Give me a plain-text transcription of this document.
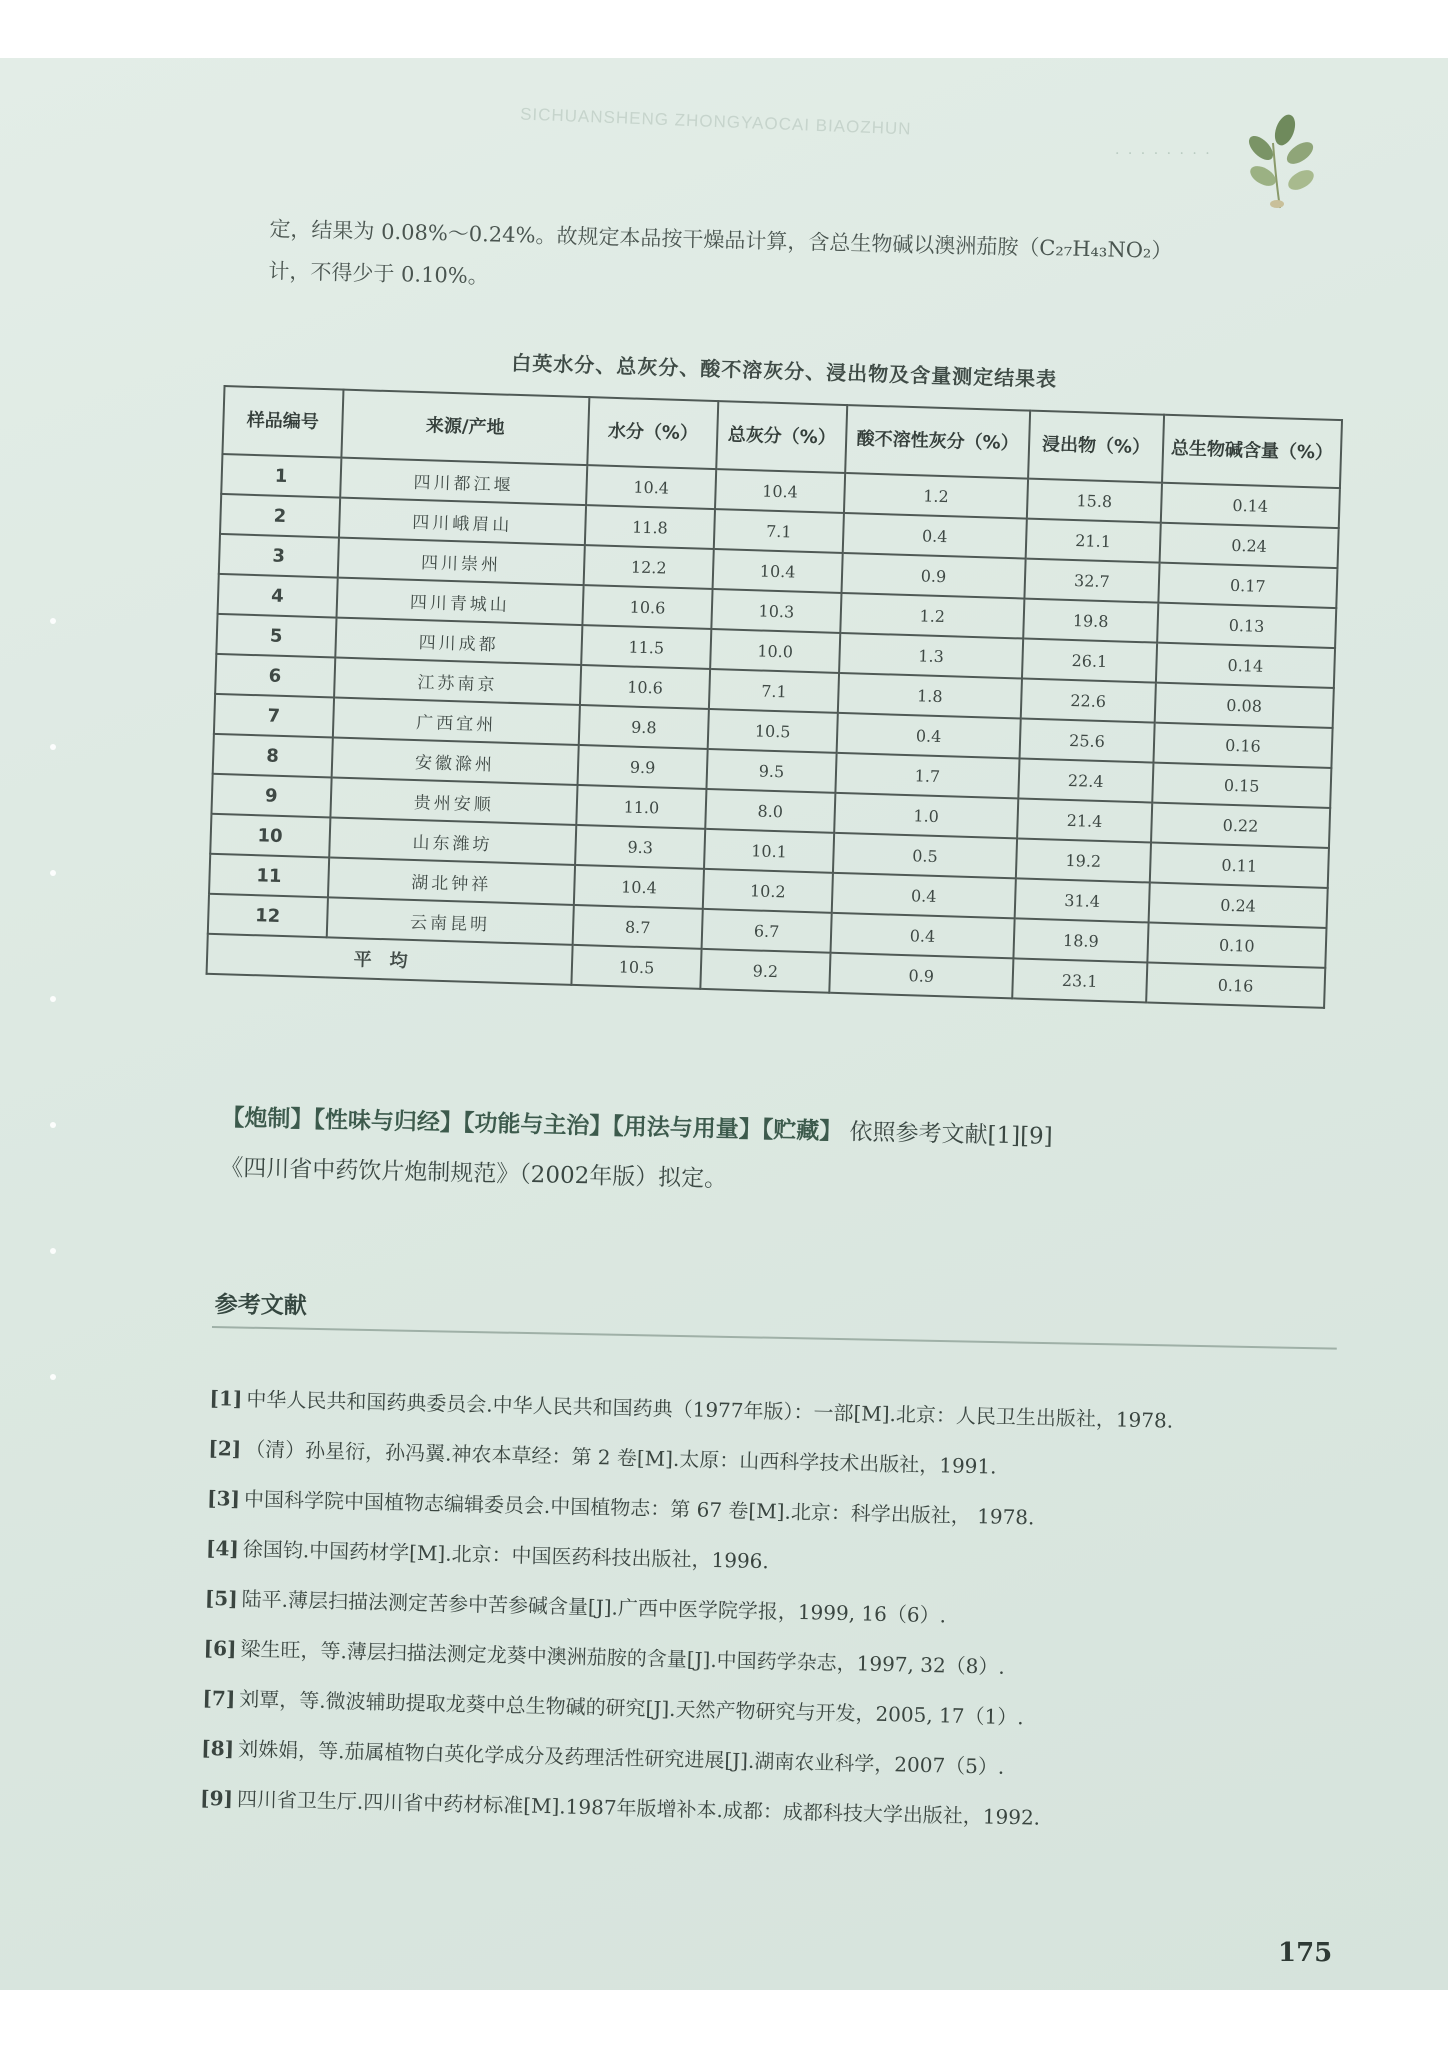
SICHUANSHENG ZHONGYAOCAI BIAOZHUN
· · · · · · · ·

定，结果为 0.08%～0.24%。故规定本品按干燥品计算，含总生物碱以澳洲茄胺（C₂₇H₄₃NO₂）

计，不得少于 0.10%。

白英水分、总灰分、酸不溶灰分、浸出物及含量测定结果表
样品编号	来源/产地	水分（%）	总灰分（%）	酸不溶性灰分（%）	浸出物（%）	总生物碱含量（%）
1	四川都江堰	10.4	10.4	1.2	15.8	0.14
2	四川峨眉山	11.8	7.1	0.4	21.1	0.24
3	四川崇州	12.2	10.4	0.9	32.7	0.17
4	四川青城山	10.6	10.3	1.2	19.8	0.13
5	四川成都	11.5	10.0	1.3	26.1	0.14
6	江苏南京	10.6	7.1	1.8	22.6	0.08
7	广西宜州	9.8	10.5	0.4	25.6	0.16
8	安徽滁州	9.9	9.5	1.7	22.4	0.15
9	贵州安顺	11.0	8.0	1.0	21.4	0.22
10	山东潍坊	9.3	10.1	0.5	19.2	0.11
11	湖北钟祥	10.4	10.2	0.4	31.4	0.24
12	云南昆明	8.7	6.7	0.4	18.9	0.10
平均		10.5	9.2	0.9	23.1	0.16

【炮制】【性味与归经】【功能与主治】【用法与用量】【贮藏】 依照参考文献[1][9]

《四川省中药饮片炮制规范》（2002年版）拟定。

参考文献
[1] 中华人民共和国药典委员会.中华人民共和国药典（1977年版）：一部[M].北京：人民卫生出版社，1978.
[2] （清）孙星衍，孙冯翼.神农本草经：第 2 卷[M].太原：山西科学技术出版社，1991.
[3] 中国科学院中国植物志编辑委员会.中国植物志：第 67 卷[M].北京：科学出版社， 1978.
[4] 徐国钧.中国药材学[M].北京：中国医药科技出版社，1996.
[5] 陆平.薄层扫描法测定苦参中苦参碱含量[J].广西中医学院学报，1999, 16（6）.
[6] 梁生旺，等.薄层扫描法测定龙葵中澳洲茄胺的含量[J].中国药学杂志，1997, 32（8）.
[7] 刘覃，等.微波辅助提取龙葵中总生物碱的研究[J].天然产物研究与开发，2005, 17（1）.
[8] 刘姝娟，等.茄属植物白英化学成分及药理活性研究进展[J].湖南农业科学，2007（5）.
[9] 四川省卫生厅.四川省中药材标准[M].1987年版增补本.成都：成都科技大学出版社，1992.
175
